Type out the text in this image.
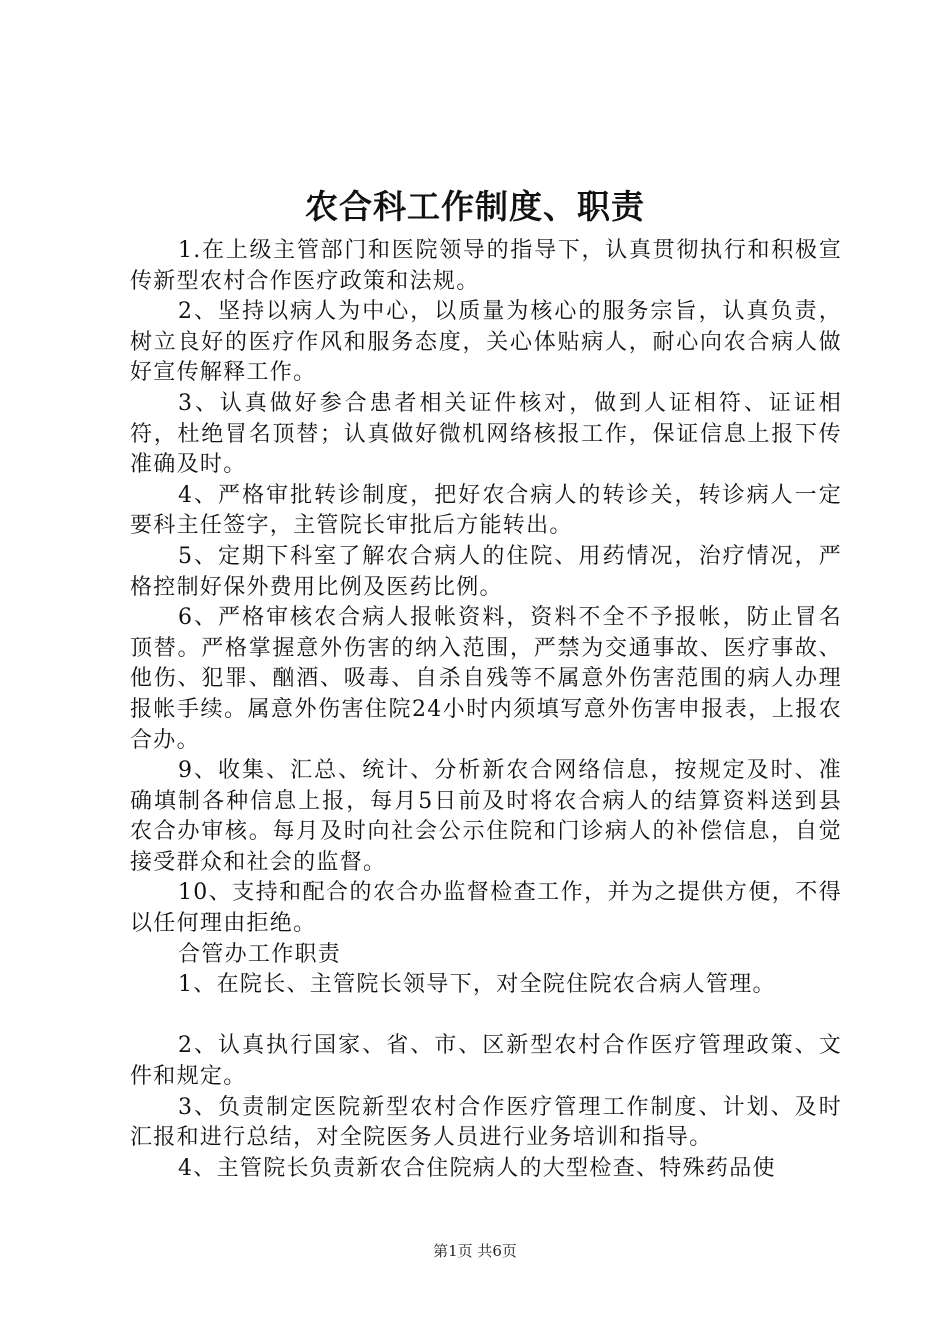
农合科工作制度、职责

1.在上级主管部门和医院领导的指导下，认真贯彻执行和积极宣传新型农村合作医疗政策和法规。

2、坚持以病人为中心，以质量为核心的服务宗旨，认真负责，树立良好的医疗作风和服务态度，关心体贴病人，耐心向农合病人做好宣传解释工作。

3、认真做好参合患者相关证件核对，做到人证相符、证证相符，杜绝冒名顶替；认真做好微机网络核报工作，保证信息上报下传准确及时。

4、严格审批转诊制度，把好农合病人的转诊关，转诊病人一定要科主任签字，主管院长审批后方能转出。

5、定期下科室了解农合病人的住院、用药情况，治疗情况，严格控制好保外费用比例及医药比例。

6、严格审核农合病人报帐资料，资料不全不予报帐，防止冒名顶替。严格掌握意外伤害的纳入范围，严禁为交通事故、医疗事故、他伤、犯罪、酗酒、吸毒、自杀自残等不属意外伤害范围的病人办理报帐手续。属意外伤害住院24小时内须填写意外伤害申报表，上报农合办。

9、收集、汇总、统计、分析新农合网络信息，按规定及时、准确填制各种信息上报，每月5日前及时将农合病人的结算资料送到县农合办审核。每月及时向社会公示住院和门诊病人的补偿信息，自觉接受群众和社会的监督。

10、支持和配合的农合办监督检查工作，并为之提供方便，不得以任何理由拒绝。

合管办工作职责

1、在院长、主管院长领导下，对全院住院农合病人管理。

2、认真执行国家、省、市、区新型农村合作医疗管理政策、文件和规定。

3、负责制定医院新型农村合作医疗管理工作制度、计划、及时汇报和进行总结，对全院医务人员进行业务培训和指导。

4、主管院长负责新农合住院病人的大型检查、特殊药品使

第1页 共6页
